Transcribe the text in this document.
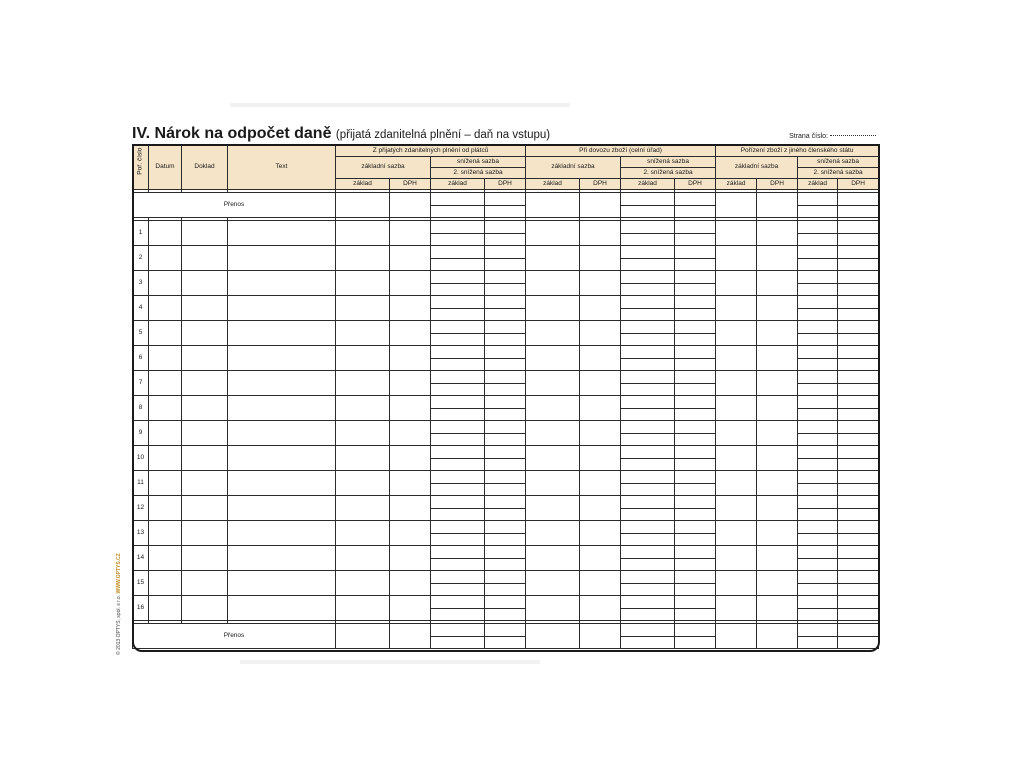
IV. Nárok na odpočet daně (přijatá zdanitelná plnění – daň na vstupu)	Strana číslo:
Poř. číslo	Datum	Doklad	Text	Z přijatých zdanitelných plnění od plátců				Při dovozu zboží (celní úřad)				Pořízení zboží z jiného členského státu			
				základní sazba		snížená sazba		základní sazba		snížená sazba		základní sazba		snížená sazba	
						2. snížená sazba				2. snížená sazba				2. snížená sazba	
				základ	DPH	základ	DPH	základ	DPH	základ	DPH	základ	DPH	základ	DPH

Přenos															

1															

2															

3															

4															

5															

6															

7															

8															

9															

10															

11															

12															

13															

14															

15															

16															

Přenos															

© 2013 OPTYS, spol. s r.o. WWW.OPTYS.CZ
